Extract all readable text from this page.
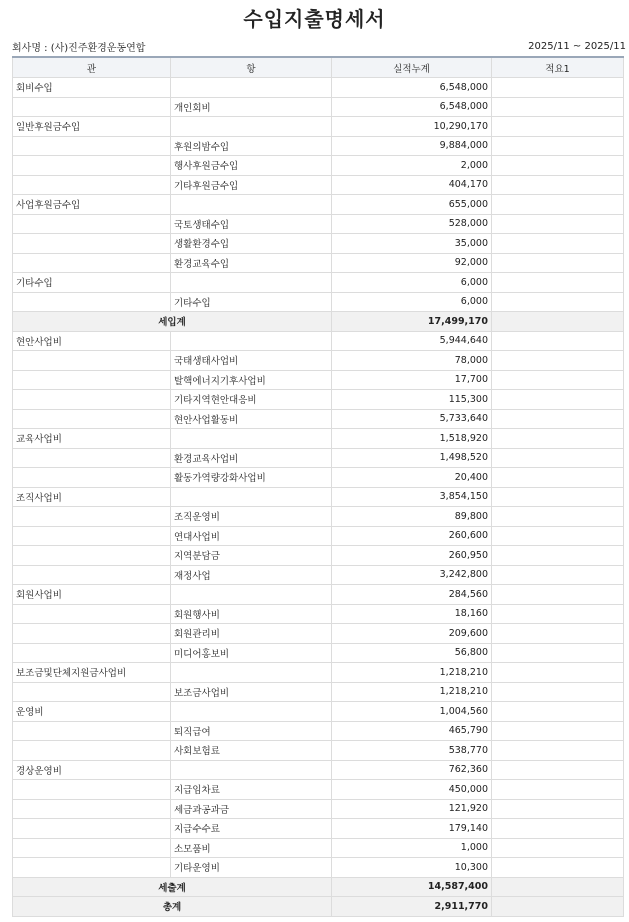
수입지출명세서
회사명 : (사)진주환경운동연합	2025/11 ~ 2025/11
관	항	실적누계	적요1
회비수입		6,548,000	
	개인회비	6,548,000	
일반후원금수입		10,290,170	
	후원의밤수입	9,884,000	
	행사후원금수입	2,000	
	기타후원금수입	404,170	
사업후원금수입		655,000	
	국토생태수입	528,000	
	생활환경수입	35,000	
	환경교육수입	92,000	
기타수입		6,000	
	기타수입	6,000	
세입계		17,499,170	
현안사업비		5,944,640	
	국태생태사업비	78,000	
	탈핵에너지기후사업비	17,700	
	기타지역현안대응비	115,300	
	현안사업활동비	5,733,640	
교육사업비		1,518,920	
	환경교육사업비	1,498,520	
	활동가역량강화사업비	20,400	
조직사업비		3,854,150	
	조직운영비	89,800	
	연대사업비	260,600	
	지역분담금	260,950	
	재정사업	3,242,800	
회원사업비		284,560	
	회원행사비	18,160	
	회원관리비	209,600	
	미디어홍보비	56,800	
보조금및단체지원금사업비		1,218,210	
	보조금사업비	1,218,210	
운영비		1,004,560	
	퇴직급여	465,790	
	사회보험료	538,770	
경상운영비		762,360	
	지급임차료	450,000	
	세금과공과금	121,920	
	지급수수료	179,140	
	소모품비	1,000	
	기타운영비	10,300	
세출계		14,587,400	
총계		2,911,770	
